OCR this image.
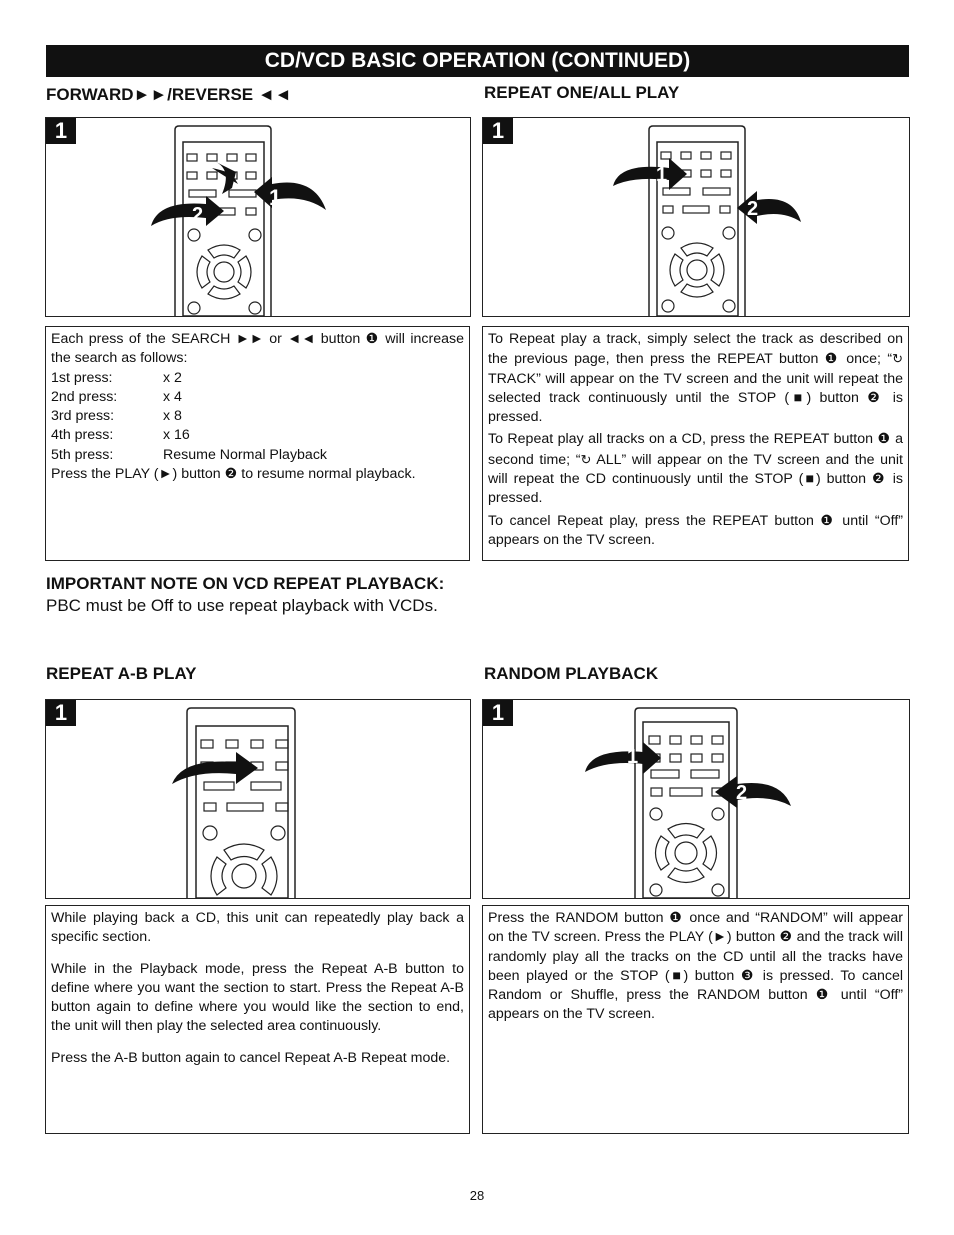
CD/VCD BASIC OPERATION (CONTINUED)
FORWARD►►/REVERSE ◄◄
1
2
1

Each press of the SEARCH ►► or ◄◄ button ❶ will increase the search as follows:

1st press:	x 2
2nd press:	x 4
3rd press:	x 8
4th press:	x 16
5th press:	Resume Normal Playback

Press the PLAY (►) button ❷ to resume normal playback.

REPEAT ONE/ALL PLAY
1
2
1

To Repeat play a track, simply select the track as described on the previous page, then press the REPEAT button ❶ once; “↻ TRACK” will appear on the TV screen and the unit will repeat the selected track continuously until the STOP (■) button ❷ is pressed.

To Repeat play all tracks on a CD, press the REPEAT button ❶ a second time; “↻ ALL” will appear on the TV screen and the unit will repeat the CD continuously until the STOP (■) button ❷ is pressed.

To cancel Repeat play, press the REPEAT button ❶ until “Off” appears on the TV screen.

IMPORTANT NOTE ON VCD REPEAT PLAYBACK:
PBC must be Off to use repeat playback with VCDs.
REPEAT A-B PLAY
1

While playing back a CD, this unit can repeatedly play back a specific section.

While in the Playback mode, press the Repeat A-B button to define where you want the section to start. Press the Repeat A-B button again to define where you would like the section to end, the unit will then play the selected area continuously.

Press the A-B button again to cancel Repeat A-B Repeat mode.

RANDOM PLAYBACK
1
2
1

Press the RANDOM button ❶ once and “RANDOM” will appear on the TV screen. Press the PLAY (►) button ❷ and the track will randomly play all the tracks on the CD until all the tracks have been played or the STOP (■) button ❸ is pressed. To cancel Random or Shuffle, press the RANDOM button ❶ until “Off” appears on the TV screen.

28
